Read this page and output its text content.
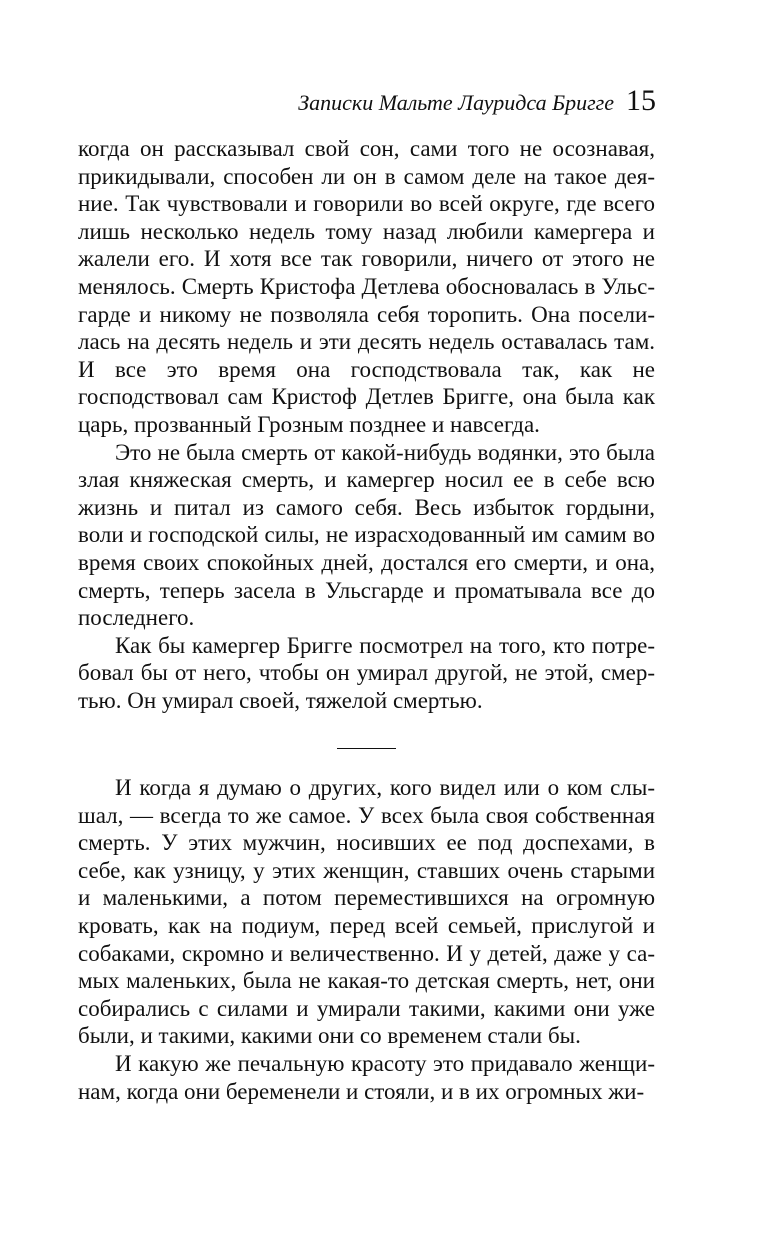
Записки Мальте Лауридса Бригге 15

когда он рассказывал свой сон, сами того не осознавая, прикидывали, способен ли он в самом деле на такое деяние. Так чувствовали и говорили во всей округе, где всего лишь несколько недель тому назад любили камергера и жалели его. И хотя все так говорили, ничего от этого не менялось. Смерть Кристофа Детлева обосновалась в Ульсгарде и никому не позволяла себя торопить. Она поселилась на десять недель и эти десять недель оставалась там. И все это время она господствовала так, как не господствовал сам Кристоф Детлев Бригге, она была как царь, прозванный Грозным позднее и навсегда.

Это не была смерть от какой-нибудь водянки, это была злая княжеская смерть, и камергер носил ее в себе всю жизнь и питал из самого себя. Весь избыток гордыни, воли и господской силы, не израсходованный им самим во время своих спокойных дней, достался его смерти, и она, смерть, теперь засела в Ульсгарде и проматывала все до последнего.

Как бы камергер Бригге посмотрел на того, кто потребовал бы от него, чтобы он умирал другой, не этой, смертью. Он умирал своей, тяжелой смертью.

И когда я думаю о других, кого видел или о ком слышал, — всегда то же самое. У всех была своя собственная смерть. У этих мужчин, носивших ее под доспехами, в себе, как узницу, у этих женщин, ставших очень старыми и маленькими, а потом переместившихся на огромную кровать, как на подиум, перед всей семьей, прислугой и собаками, скромно и величественно. И у детей, даже у самых маленьких, была не какая-то детская смерть, нет, они собирались с силами и умирали такими, какими они уже были, и такими, какими они со временем стали бы.

И какую же печальную красоту это придавало женщинам, когда они беременели и стояли, и в их огромных жи-
